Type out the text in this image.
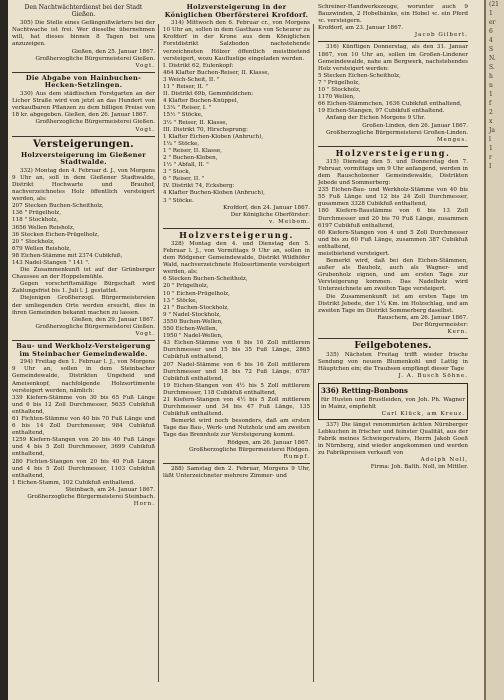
Den Nachtwächterdienst bei der Stadt Gießen.

305) Die Stelle eines Gefängnißwärters bei der Nachtwache ist frei. Wer dieselbe übernehmen will, hat dieses binnen 8 Tagen bei uns anzuzeigen.

Gießen, den 25. Januar 1867.

Großherzogliche Bürgermeisterei Gießen.

Vogt.

Die Abgabe von Hainbuchen-Hecken-Setzlingen.

330) Aus dem städtischen Forstgarten an der Licher Straße wird von jetzt an das Hundert von verkaufbaren Pflanzen zu dem billigen Preise von 18 kr. abgegeben. Gießen, den 26. Januar 1867.

Großherzogliche Bürgermeisterei Gießen.

Vogt.

Versteigerungen.

Holzversteigerung im Gießener Stadtwalde.

332) Montag den 4. Februar d. J., von Morgens 9 Uhr an, soll in dem Gießener Stadtwalde, Distrikt Hochwarte und Brauhof, nachverzeichnetes Holz öffentlich versteigert werden, als:

207 Stecken Buchen-Scheitholz,

136 " Prügelholz,

118 " Stockholz,

3656 Wellen Reisholz,

36 Stecken Eichen-Prügelholz,

20 " Stockholz,

679 Wellen Reisholz,

98 Eichen-Stämme mit 2374 Cubikfuß,

143 Nadel-Stangen " 141 ".

Die Zusammenkunft ist auf der Grünberger Chaussee an der Hoppelsmühle.

Gegen vorschriftsmäßige Bürgschaft wird Zahlungsfrist bis 1. Juli l. J. gestattet.

Diejenigen Großherzogl. Bürgermeistereien der umliegenden Orte werden ersucht, dies in ihren Gemeinden bekannt machen zu lassen.

Gießen, den 29. Januar 1867.

Großherzogliche Bürgermeisterei Gießen.

Vogt.

Bau- und Werkholz-Versteigerung im Steinbacher Gemeindewalde.

294) Freitag den 1. Februar l. J., von Morgens 9 Uhr an, sollen in dem Steinbacher Gemeindewalde, Distrikten Ungeheid und Ameisenkopf, nachfolgende Holzsortimente versteigert werden, nämlich:

339 Kiefern-Stämme von 30 bis 65 Fuß Länge und 6 bis 12 Zoll Durchmesser, 5635 Cubikfuß enthaltend,

61 Fichten-Stämme von 40 bis 70 Fuß Länge und 6 bis 14 Zoll Durchmesser, 984 Cubikfuß enthaltend,

1259 Kiefern-Stangen von 20 bis 40 Fuß Länge und 4 bis 5 Zoll Durchmesser, 3699 Cubikfuß enthaltend,

280 Fichten-Stangen von 20 bis 40 Fuß Länge und 4 bis 5 Zoll Durchmesser, 1103 Cubikfuß enthaltend,

1 Eichen-Stamm, 102 Cubikfuß enthaltend.

Steinbach, am 24. Januar 1867.

Großherzogliche Bürgermeisterei Steinbach.

Horn.

Holzversteigerung in der Königlichen Oberförsterei Krofdorf.

314) Mittwoch den 6. Februar cr., von Morgens 10 Uhr an, sollen in dem Gasthaus von Scheurer zu Krofdorf in der Krone aus dem Königlichen Forstdistrikt Salzboden nachstehende verzeichneten Hölzer öffentlich meistbietend versteigert, wozu Kauflustige eingeladen werden.

I. Distrikt 62, Eulenkopf:

464 Klafter Buchen-Reiser, II. Klasse,

3 Weich-Scheit, II. "

11 " Reiser, II. "

II. Distrikt 69b, Gemmfeldchen:

4 Klafter Buchen-Knüppel,

13¼ " Reiser, I. "

15½ " Stöcke,

3½ " Reiser, II. Klasse,

III. Distrikt 70, Hirschsprung:

1 Klafter Eichen-Kloben (Anbruch),

1¼ " Stöcke,

1 " Reiser, II. Klasse,

2 " Buchen-Kloben,

1½ " Abfall, II. "

3 " Stock,

6 " Reiser, II. "

IV. Distrikt 74, Ecksberg:

4 Klafter Buchen-Kloben (Anbruch),

3 " Stöcke.

Krofdorf, den 24. Januar 1867.

Der Königliche Oberförster:

v. Meibom.

Holzversteigerung.

328) Montag den 4. und Dienstag den 5. Februar l. J., von Vormittags 9 Uhr an, sollen in dem Rödgener Gemeindewalde, Distrikt Wildhöfer Wald, nachverzeichnete Holzsortimente versteigert werden, als:

6 Stecken Buchen-Scheitholz,

20 " Prügelholz,

10 " Eichen-Prügelholz,

13 " Stöcke,

21 " Buchen-Stockholz,

9 " Nadel-Stockholz,

3550 Buchen-Wellen,

550 Eichen-Wellen,

1950 " Nadel-Wellen,

43 Eichen-Stämme von 6 bis 16 Zoll mittlerem Durchmesser und 15 bis 35 Fuß Länge, 2865 Cubikfuß enthaltend,

207 Nadel-Stämme von 6 bis 16 Zoll mittlerem Durchmesser und 18 bis 72 Fuß Länge, 6787 Cubikfuß enthaltend,

19 Eichen-Stangen von 4½ bis 5 Zoll mittlerem Durchmesser, 118 Cubikfuß enthaltend,

21 Kiefern-Stangen von 4½ bis 5 Zoll mittlerem Durchmesser und 34 bis 47 Fuß Länge, 135 Cubikfuß enthaltend.

Bemerkt wird noch besonders, daß am ersten Tage das Bau-, Werk- und Nutzholz und am zweiten Tage das Brennholz zur Versteigerung kommt.

Rödgen, am 26. Januar 1867.

Großherzogliche Bürgermeisterei Rödgen.

Rumpf.

288) Samstag den 2. Februar, Morgens 9 Uhr, läßt Unterzeichneter mehrere Zimmer- und

Schreiner-Handwerkszeuge, worunter auch 9 Bauzwinden, 2 Hobelbänke, ein Hobel ꝛc. ein Pferd ꝛc. versteigern.

Krofdorf, am 23. Januar 1867.

Jacob Gilbert.

316) Künftigen Donnerstag, als den 31. Januar 1867, von 10 Uhr an, sollen im Großen-Lindener Gemeindewalde, nahe am Bergwerk, nachstehendes Holz versteigert werden:

5 Stecken Eichen-Scheitholz,

7 " Prügelholz,

10 " Stockholz,

1170 Wellen,

66 Eichen-Stämmchen, 1636 Cubikfuß enthaltend,

19 Eichen-Stangen, 97 Cubikfuß enthaltend.

Anfang der Eichen Morgens 9 Uhr.

Großen-Linden, den 26. Januar 1867.

Großherzogliche Bürgermeisterei Großen-Linden.

Menges.

Holzversteigerung.

315) Dienstag den 5. und Donnerstag den 7. Februar, vormittags um 9 Uhr anfangend, werden in dem Rauscholzener Gemeindewalde, Distrikten Jebede und Sommerberg:

235 Eichen-Bau- und Werkholz-Stämme von 40 bis 55 Fuß Länge und 12 bis 24 Zoll Durchmesser, gusammen 3328 Cubikfuß enthaltend,

180 Kiefern-Baustämme von 6 bis 13 Zoll Durchmesser und 20 bis 70 Fuß Länge, zusammen 6197 Cubikfuß enthaltend,

60 Kiefern-Stangen von 4 und 5 Zoll Durchmesser und bis zu 60 Fuß Länge, zusammen 387 Cubikfuß enthaltend,

meistbietend versteigert.

Bemerkt wird, daß bei den Eichen-Stämmen, außer als Bauholz, auch als Wagner- und Grubenholz eignen, und am ersten Tage zur Versteigerung kommen. Das Nadelholz wird Unterzeichnete am zweiten Tage versteigert.

Die Zusammenkunft ist am ersten Tage im Distrikt Jebede, der 1¼ Km. im Holzschlag, und am zweiten Tage im Distrikt Sommerberg daselbst.

Rauschem, am 26. Januar 1867.

Der Bürgermeister:

Kern.

Feilgebotenes.

335) Nächsten Freitag trifft wieder frische Sendung von neuem Blumenkohl und Lattig in Häuptchen ein; die Traubsen empfängt dieser Tage

J. A. Busch Söhne.

336) Retting-Bonbons

für Husten und Brustleiden, von Joh. Ph. Wagner in Mainz, empfiehlt

Carl Klück, am Kreuz.

337) Die längst renommirten ächten Nürnberger Lebkuchen in frischer und feinster Qualität, aus der Fabrik meines Schwiegervaters, Herrn Jakob Goeß in Nürnberg, sind wieder angekommen und werden zu Fabrikpreisen verkauft von

Adolph Noll,

Firma: Joh. Balth. Noll, im Mittler.

(21
1
er
6
4
S
N.
S.
h
n
1
f
2
x
Ja
l
1
r
I
